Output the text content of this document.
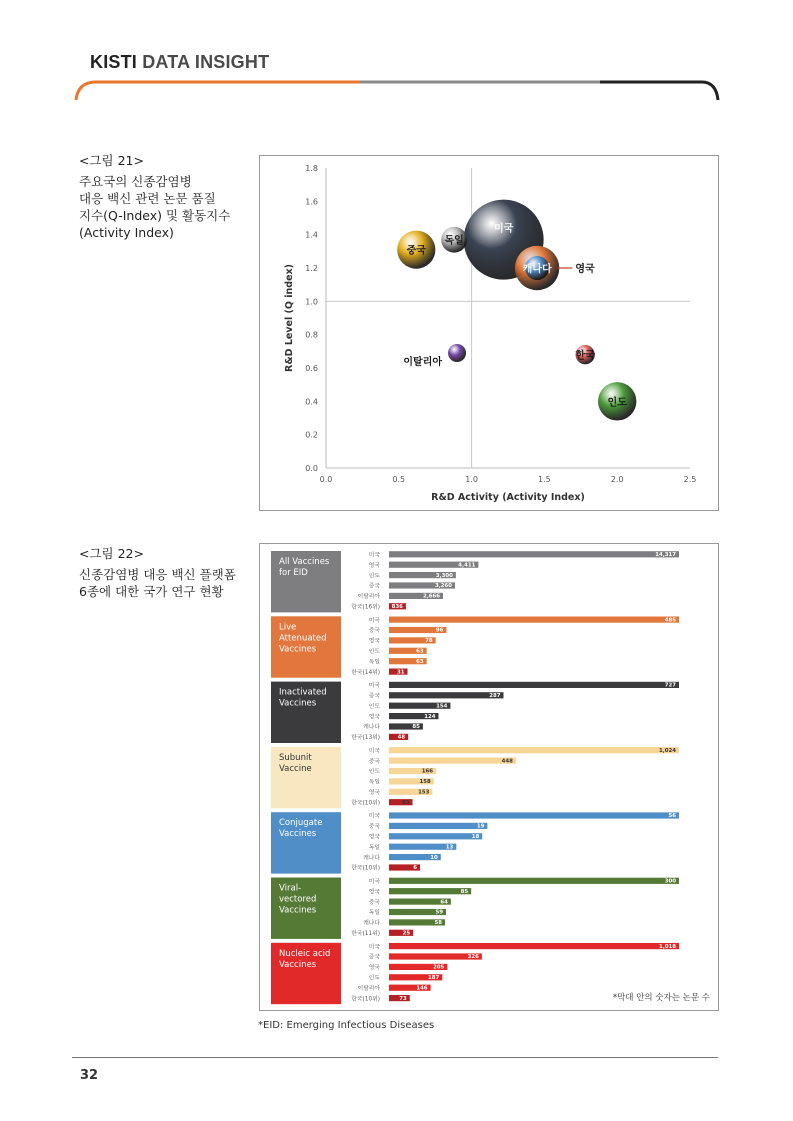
KISTI DATA INSIGHT
<그림 21>
주요국의 신종감염병
대응 백신 관련 논문 품질
지수(Q-Index) 및 활동지수
(Activity Index)
0.0
0.2
0.4
0.6
0.8
1.0
1.2
1.4
1.6
1.8
0.0	0.5	1.0	1.5	2.0	2.5
R&D Activity (Activity Index)
R&D Level (Q index)
미국
독일
중국
영국
캐나다
이탈리아
한국
인도
<그림 22>
신종감염병 대응 백신 플랫폼
6종에 대한 국가 연구 현황
All Vaccines
for EID
미국	14,317
영국	4,411
인도	3,300
중국	3,260
이탈리아	2,666
한국(16위) 836
Live
Attenuated
Vaccines
미국	485
중국	96
영국	78
인도	63
독일	63
한국(14위)	31
Inactivated
Vaccines
미국	727
중국	287
인도	154
영국	124
캐나다	85
한국(13위)	48
Subunit
Vaccine
미국	1,024
중국	448
인도	166
독일	158
영국	153
한국(10위)	83
Conjugate
Vaccines
미국	56
중국	19
영국	18
독일	13
캐나다	10
한국(10위)	6
Viral-
vectored
Vaccines
미국	300
영국	85
중국	64
독일	59
캐나다	58
한국(11위)	25
Nucleic acid
Vaccines
미국	1,018
중국	326
영국	205
인도	187
이탈리아	146
한국(10위)	73	*막대 안의 숫자는 논문 수
*EID: Emerging Infectious Diseases
32
